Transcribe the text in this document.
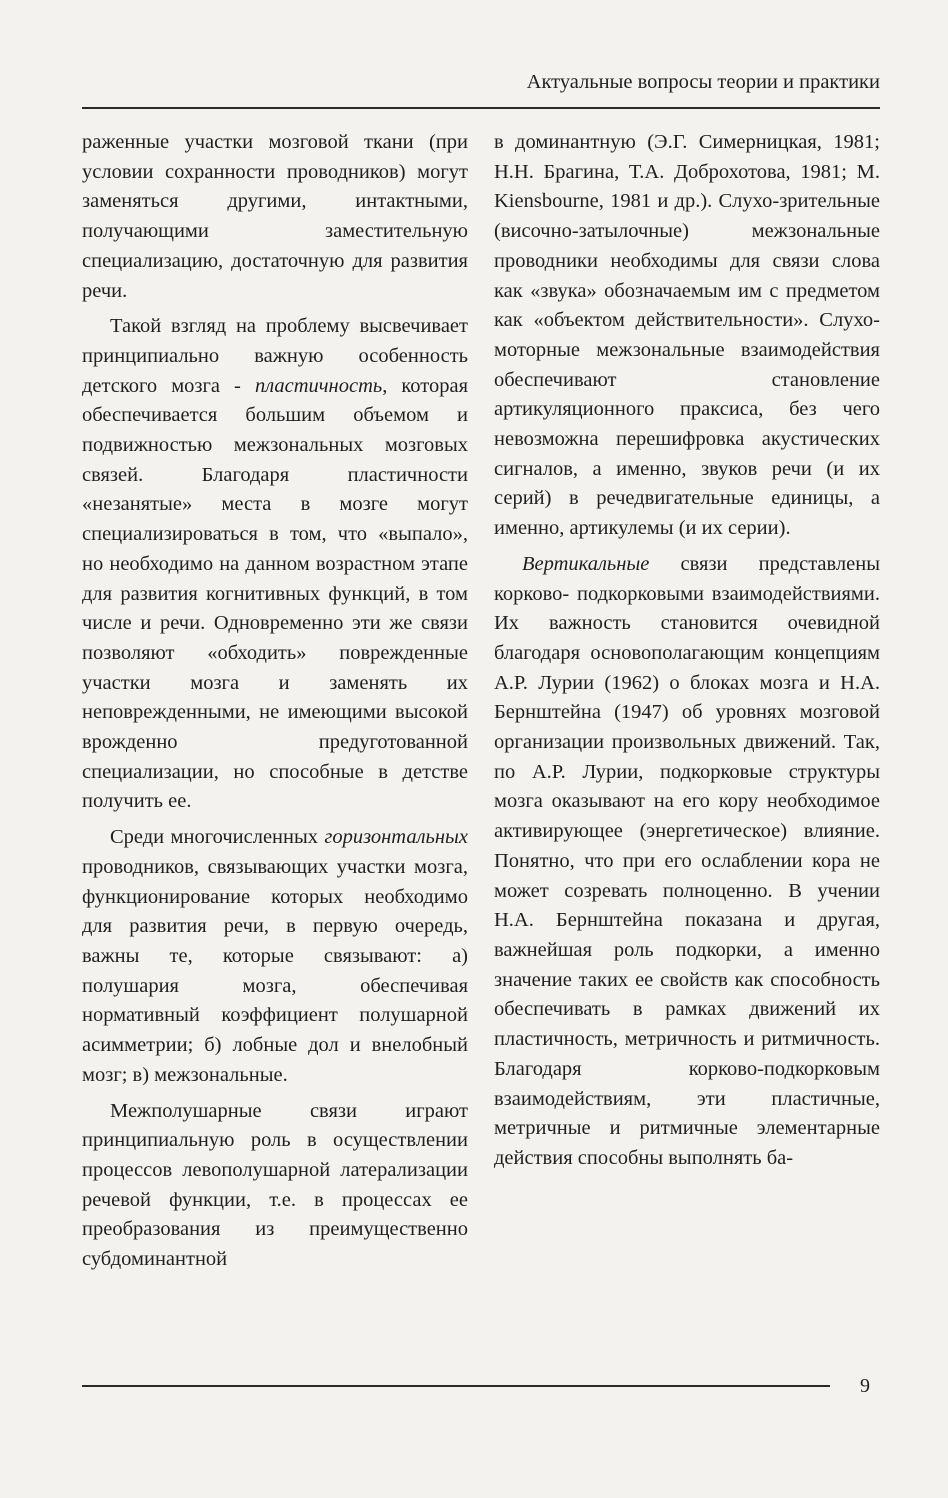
Актуальные вопросы теории и практики

раженные участки мозговой ткани (при условии сохранности проводников) могут заменяться другими, интактными, получающими заместительную специализацию, достаточную для развития речи.

Такой взгляд на проблему высвечивает принципиально важную особенность детского мозга - пластичность, которая обеспечивается большим объемом и подвижностью межзональных мозговых связей. Благодаря пластичности «незанятые» места в мозге могут специализироваться в том, что «выпало», но необходимо на данном возрастном этапе для развития когнитивных функций, в том числе и речи. Одновременно эти же связи позволяют «обходить» поврежденные участки мозга и заменять их неповрежденными, не имеющими высокой врожденно предуготованной специализации, но способные в детстве получить ее.

Среди многочисленных горизонтальных проводников, связывающих участки мозга, функционирование которых необходимо для развития речи, в первую очередь, важны те, которые связывают: а) полушария мозга, обеспечивая нормативный коэффициент полушарной асимметрии; б) лобные дол и внелобный мозг; в) межзональные.

Межполушарные связи играют принципиальную роль в осуществлении процессов левополушарной латерализации речевой функции, т.е. в процессах ее преобразования из преимущественно субдоминантной

в доминантную (Э.Г. Симерницкая, 1981; Н.Н. Брагина, Т.А. Доброхотова, 1981; M. Kiensbourne, 1981 и др.). Слухо-зрительные (височно-затылочные) межзональные проводники необходимы для связи слова как «звука» обозначаемым им с предметом как «объектом действительности». Слухо-моторные межзональные взаимодействия обеспечивают становление артикуляционного праксиса, без чего невозможна перешифровка акустических сигналов, а именно, звуков речи (и их серий) в речедвигательные единицы, а именно, артикулемы (и их серии).

Вертикальные связи представлены корково- подкорковыми взаимодействиями. Их важность становится очевидной благодаря основополагающим концепциям А.Р. Лурии (1962) о блоках мозга и Н.А. Бернштейна (1947) об уровнях мозговой организации произвольных движений. Так, по А.Р. Лурии, подкорковые структуры мозга оказывают на его кору необходимое активирующее (энергетическое) влияние. Понятно, что при его ослаблении кора не может созревать полноценно. В учении Н.А. Бернштейна показана и другая, важнейшая роль подкорки, а именно значение таких ее свойств как способность обеспечивать в рамках движений их пластичность, метричность и ритмичность. Благодаря корково-подкорковым взаимодействиям, эти пластичные, метричные и ритмичные элементарные действия способны выполнять ба-

9
